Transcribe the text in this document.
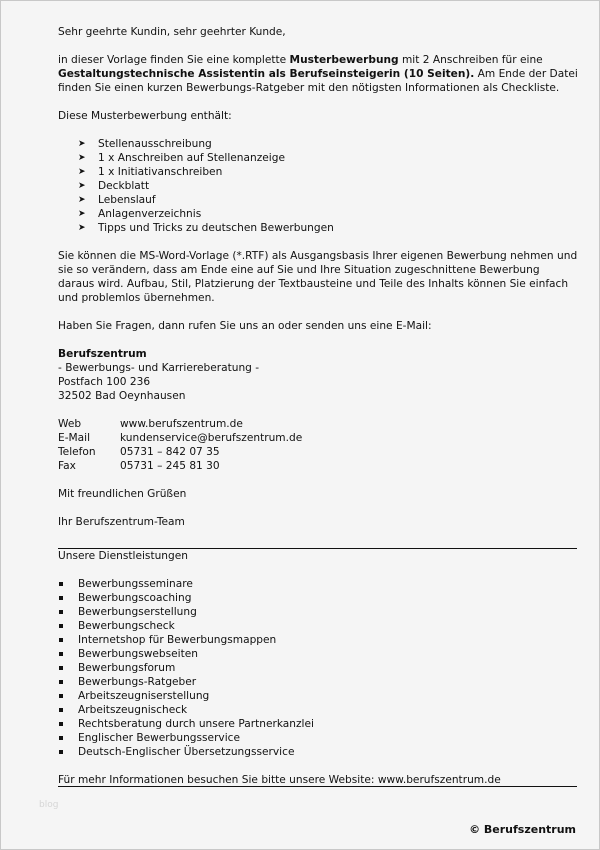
Sehr geehrte Kundin, sehr geehrter Kunde,

in dieser Vorlage finden Sie eine komplette Musterbewerbung mit 2 Anschreiben für eine Gestaltungstechnische Assistentin als Berufseinsteigerin (10 Seiten). Am Ende der Datei finden Sie einen kurzen Bewerbungs-Ratgeber mit den nötigsten Informationen als Checkliste.

Diese Musterbewerbung enthält:

➤ Stellenausschreibung
➤ 1 x Anschreiben auf Stellenanzeige
➤ 1 x Initiativanschreiben
➤ Deckblatt
➤ Lebenslauf
➤ Anlagenverzeichnis
➤ Tipps und Tricks zu deutschen Bewerbungen

Sie können die MS-Word-Vorlage (*.RTF) als Ausgangsbasis Ihrer eigenen Bewerbung nehmen und sie so verändern, dass am Ende eine auf Sie und Ihre Situation zugeschnittene Bewerbung daraus wird. Aufbau, Stil, Platzierung der Textbausteine und Teile des Inhalts können Sie einfach und problemlos übernehmen.

Haben Sie Fragen, dann rufen Sie uns an oder senden uns eine E-Mail:

Berufszentrum
- Bewerbungs- und Karriereberatung -
Postfach 100 236
32502 Bad Oeynhausen

Web	www.berufszentrum.de
E-Mail	kundenservice@berufszentrum.de
Telefon	05731 – 842 07 35
Fax	05731 – 245 81 30

Mit freundlichen Grüßen

Ihr Berufszentrum-Team

Unsere Dienstleistungen

Bewerbungsseminare
Bewerbungscoaching
Bewerbungserstellung
Bewerbungscheck
Internetshop für Bewerbungsmappen
Bewerbungswebseiten
Bewerbungsforum
Bewerbungs-Ratgeber
Arbeitszeugniserstellung
Arbeitszeugnischeck
Rechtsberatung durch unsere Partnerkanzlei
Englischer Bewerbungsservice
Deutsch-Englischer Übersetzungsservice

Für mehr Informationen besuchen Sie bitte unsere Website: www.berufszentrum.de

blog
© Berufszentrum
